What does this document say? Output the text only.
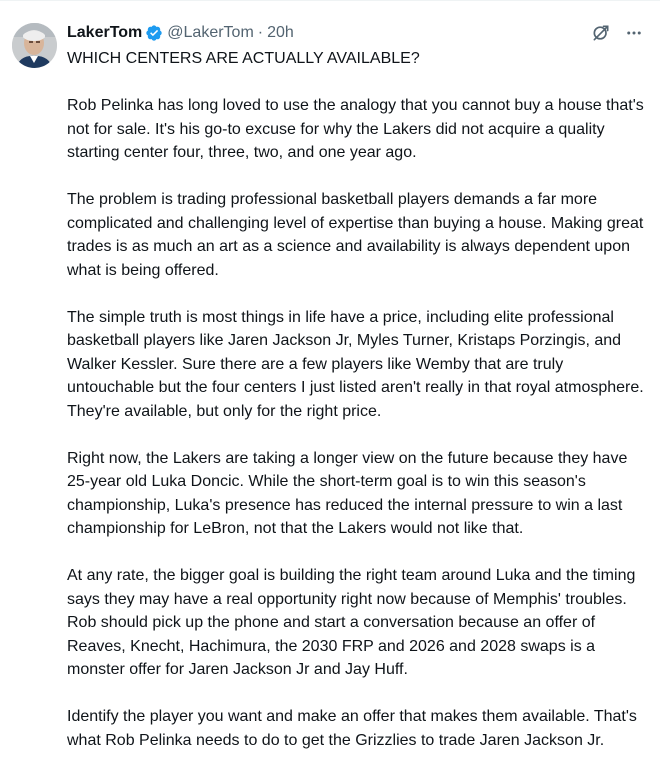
LakerTom @LakerTom · 20h

WHICH CENTERS ARE ACTUALLY AVAILABLE?

Rob Pelinka has long loved to use the analogy that you cannot buy a house that's not for sale. It's his go-to excuse for why the Lakers did not acquire a quality starting center four, three, two, and one year ago.

The problem is trading professional basketball players demands a far more complicated and challenging level of expertise than buying a house. Making great trades is as much an art as a science and availability is always dependent upon what is being offered.

The simple truth is most things in life have a price, including elite professional basketball players like Jaren Jackson Jr, Myles Turner, Kristaps Porzingis, and Walker Kessler. Sure there are a few players like Wemby that are truly untouchable but the four centers I just listed aren't really in that royal atmosphere. They're available, but only for the right price.

Right now, the Lakers are taking a longer view on the future because they have 25-year old Luka Doncic. While the short-term goal is to win this season's championship, Luka's presence has reduced the internal pressure to win a last championship for LeBron, not that the Lakers would not like that.

At any rate, the bigger goal is building the right team around Luka and the timing says they may have a real opportunity right now because of Memphis' troubles. Rob should pick up the phone and start a conversation because an offer of Reaves, Knecht, Hachimura, the 2030 FRP and 2026 and 2028 swaps is a monster offer for Jaren Jackson Jr and Jay Huff.

Identify the player you want and make an offer that makes them available. That's what Rob Pelinka needs to do to get the Grizzlies to trade Jaren Jackson Jr.
